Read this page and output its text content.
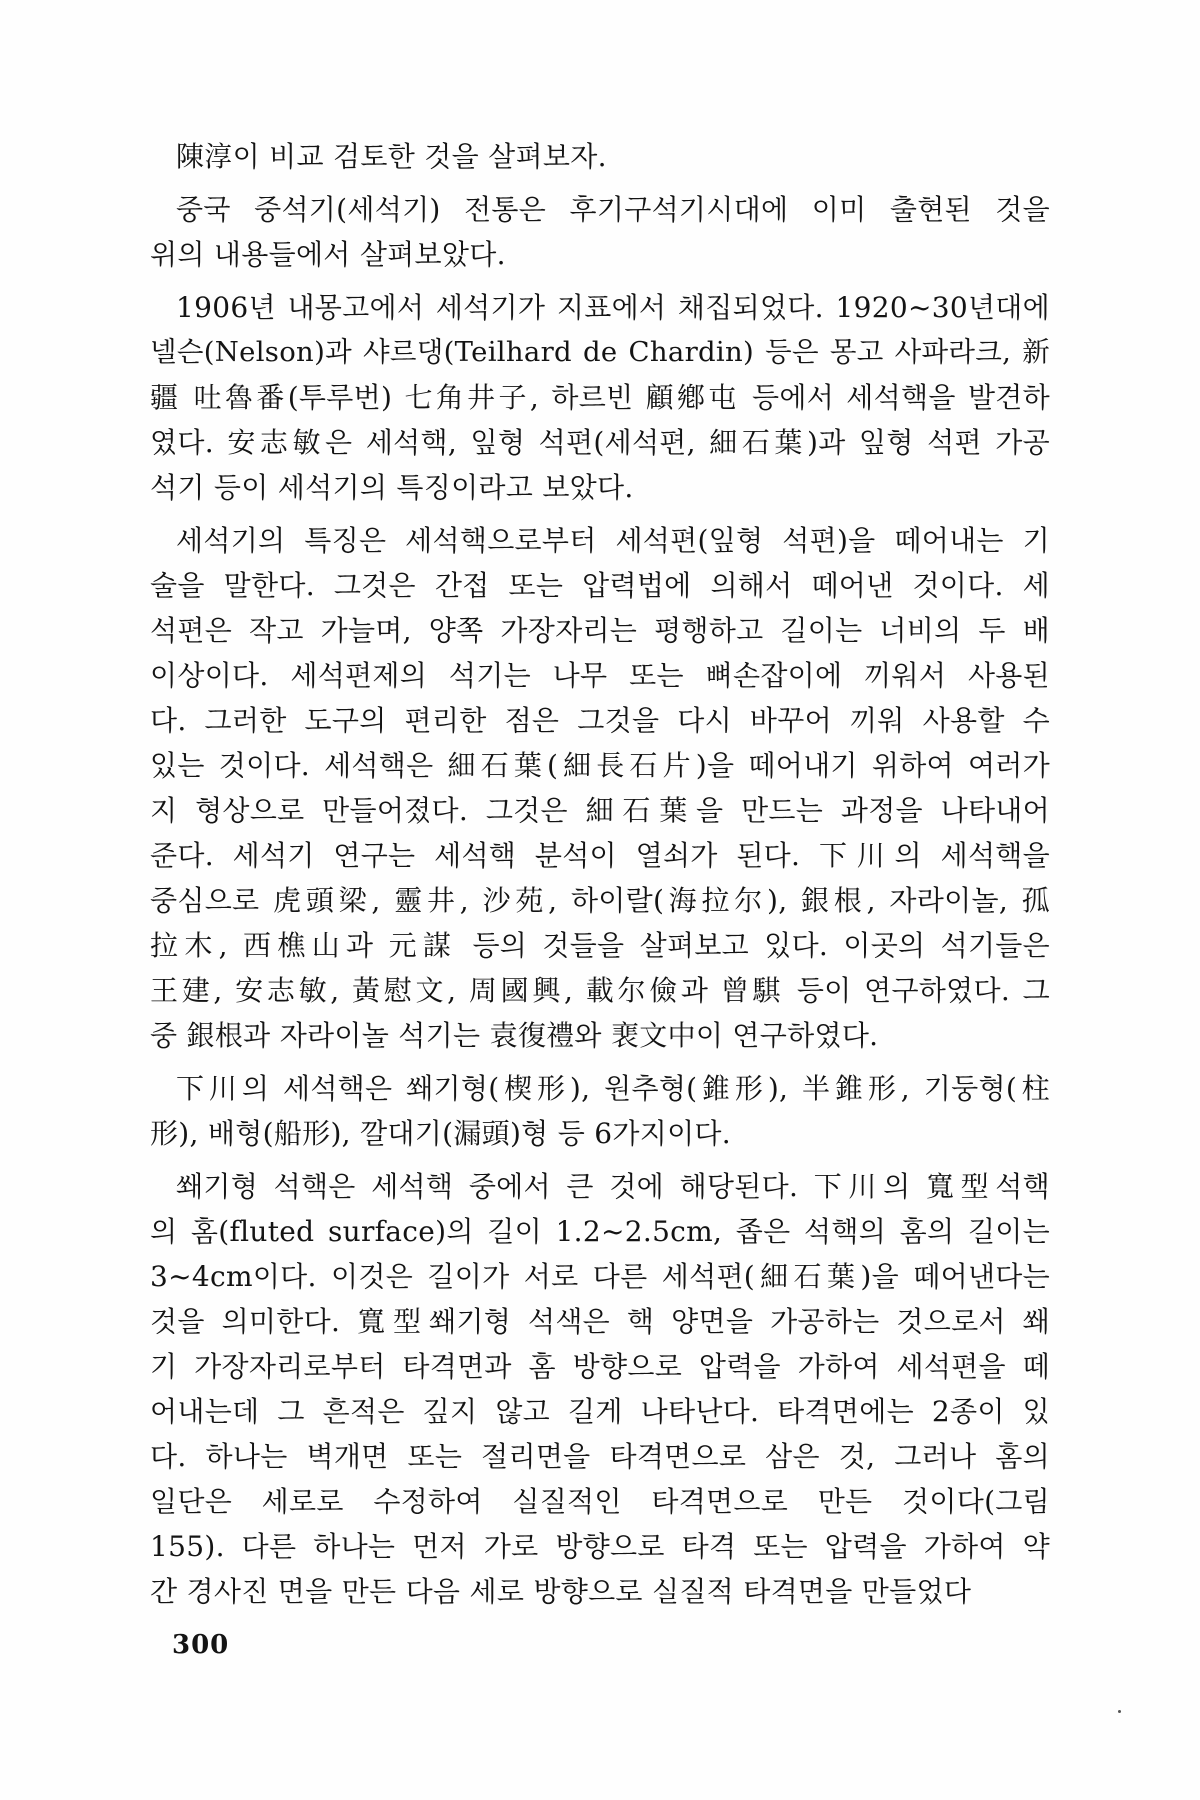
陳淳이 비교 검토한 것을 살펴보자.
중국 중석기(세석기) 전통은 후기구석기시대에 이미 출현된 것을
위의 내용들에서 살펴보았다.
1906년 내몽고에서 세석기가 지표에서 채집되었다. 1920~30년대에
넬슨(Nelson)과 샤르댕(Teilhard de Chardin) 등은 몽고 사파라크, 新
疆 吐魯番(투루번) 七角井子, 하르빈 顧鄕屯 등에서 세석핵을 발견하
였다. 安志敏은 세석핵, 잎형 석편(세석편, 細石葉)과 잎형 석편 가공
석기 등이 세석기의 특징이라고 보았다.
세석기의 특징은 세석핵으로부터 세석편(잎형 석편)을 떼어내는 기
술을 말한다. 그것은 간접 또는 압력법에 의해서 떼어낸 것이다. 세
석편은 작고 가늘며, 양쪽 가장자리는 평행하고 길이는 너비의 두 배
이상이다. 세석편제의 석기는 나무 또는 뼈손잡이에 끼워서 사용된
다. 그러한 도구의 편리한 점은 그것을 다시 바꾸어 끼워 사용할 수
있는 것이다. 세석핵은 細石葉(細長石片)을 떼어내기 위하여 여러가
지 형상으로 만들어졌다. 그것은 細石葉을 만드는 과정을 나타내어
준다. 세석기 연구는 세석핵 분석이 열쇠가 된다. 下川의 세석핵을
중심으로 虎頭梁, 靈井, 沙苑, 하이랄(海拉尔), 銀根, 자라이놀, 孤
拉木, 西樵山과 元謀 등의 것들을 살펴보고 있다. 이곳의 석기들은
王建, 安志敏, 黃慰文, 周國興, 載尔儉과 曾騏 등이 연구하였다. 그
중 銀根과 자라이놀 석기는 袁復禮와 裵文中이 연구하였다.
下川의 세석핵은 쐐기형(楔形), 원추형(錐形), 半錐形, 기둥형(柱
形), 배형(船形), 깔대기(漏頭)형 등 6가지이다.
쐐기형 석핵은 세석핵 중에서 큰 것에 해당된다. 下川의 寬型석핵
의 홈(fluted surface)의 길이 1.2~2.5cm, 좁은 석핵의 홈의 길이는
3~4cm이다. 이것은 길이가 서로 다른 세석편(細石葉)을 떼어낸다는
것을 의미한다. 寬型쐐기형 석색은 핵 양면을 가공하는 것으로서 쐐
기 가장자리로부터 타격면과 홈 방향으로 압력을 가하여 세석편을 떼
어내는데 그 흔적은 깊지 않고 길게 나타난다. 타격면에는 2종이 있
다. 하나는 벽개면 또는 절리면을 타격면으로 삼은 것, 그러나 홈의
일단은 세로로 수정하여 실질적인 타격면으로 만든 것이다(그림
155). 다른 하나는 먼저 가로 방향으로 타격 또는 압력을 가하여 약
간 경사진 면을 만든 다음 세로 방향으로 실질적 타격면을 만들었다
300
